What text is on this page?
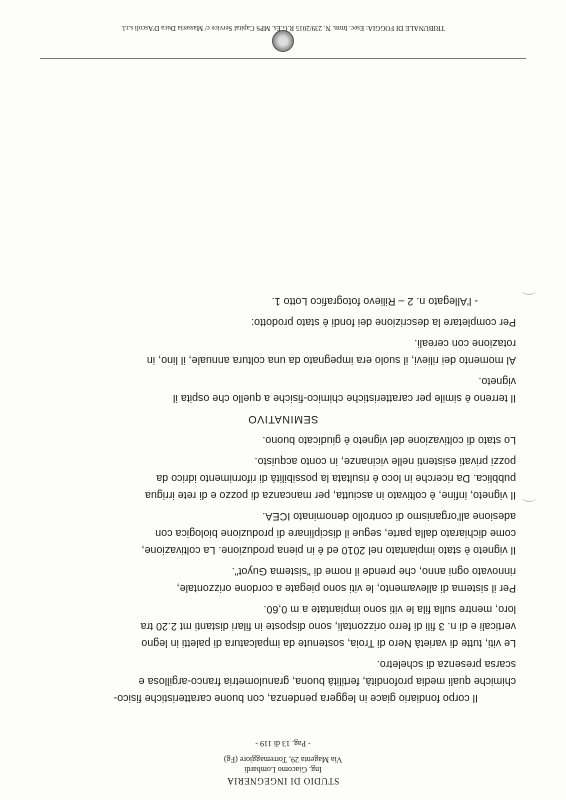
STUDIO DI INGEGNERIA
Ing. Giacomo Lombardi
Via Magenta 29, Torremaggiore (Fg)
- Pag. 13 di 119 -
Il corpo fondiario giace in leggera pendenza, con buone caratteristiche fisico-
chimiche quali media profondità, fertilità buona, granulometria franco-argillosa e
scarsa presenza di scheletro.
Le viti, tutte di varietà Nero di Troia, sostenute da impalcatura di paletti in legno
verticali e di n. 3 fili di ferro orizzontali, sono disposte in filari distanti mt 2.20 tra
loro, mentre sulla fila le viti sono impiantate a m 0,60.
Per il sistema di allevamento, le viti sono piegate a cordone orizzontale,
rinnovato ogni anno, che prende il nome di "sistema Guyot".
Il vigneto è stato impiantato nel 2010 ed è in piena produzione. La coltivazione,
come dichiarato dalla parte, segue il disciplinare di produzione biologica con
adesione all'organismo di controllo denominato ICEA.
Il vigneto, infine, è coltivato in asciutta, per mancanza di pozzo e di rete irrigua
pubblica. Da ricerche in loco è risultata la possibilità di rifornimento idrico da
pozzi privati esistenti nelle vicinanze, in conto acquisto.
Lo stato di coltivazione del vigneto è giudicato buono.
SEMINATIVO
Il terreno è simile per caratteristiche chimico-fisiche a quello che ospita il
vigneto.
Al momento dei rilievi, il suolo era impegnato da una coltura annuale, il lino, in
rotazione con cereali.
Per completare la descrizione dei fondi è stato prodotto:
- l'Allegato n. 2 – Rilievo fotografico Lotto 1.
TRIBUNALE DI FOGGIA: Esec. Imm. N. 239/2015 R.G.Es. MPS Capital Service c/ Masseria Duca D'Ascoli s.r.l.
